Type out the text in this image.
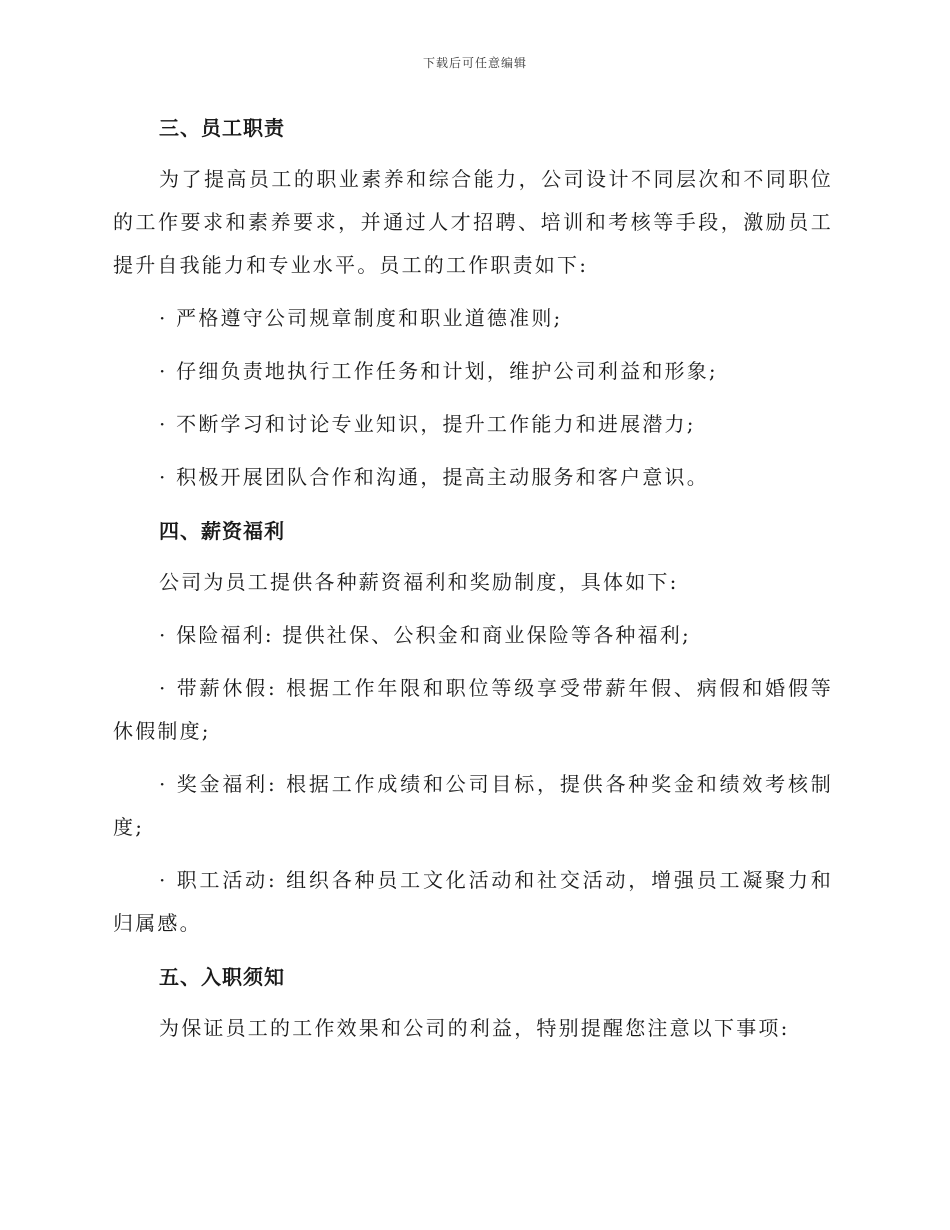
下载后可任意编辑
三、员工职责

为了提高员工的职业素养和综合能力，公司设计不同层次和不同职位的工作要求和素养要求，并通过人才招聘、培训和考核等手段，激励员工提升自我能力和专业水平。员工的工作职责如下:

· 严格遵守公司规章制度和职业道德准则;

· 仔细负责地执行工作任务和计划，维护公司利益和形象;

· 不断学习和讨论专业知识，提升工作能力和进展潜力;

· 积极开展团队合作和沟通，提高主动服务和客户意识。

四、薪资福利

公司为员工提供各种薪资福利和奖励制度，具体如下:

· 保险福利: 提供社保、公积金和商业保险等各种福利;

· 带薪休假: 根据工作年限和职位等级享受带薪年假、病假和婚假等休假制度;

· 奖金福利: 根据工作成绩和公司目标，提供各种奖金和绩效考核制度;

· 职工活动: 组织各种员工文化活动和社交活动，增强员工凝聚力和归属感。

五、入职须知

为保证员工的工作效果和公司的利益，特别提醒您注意以下事项:
